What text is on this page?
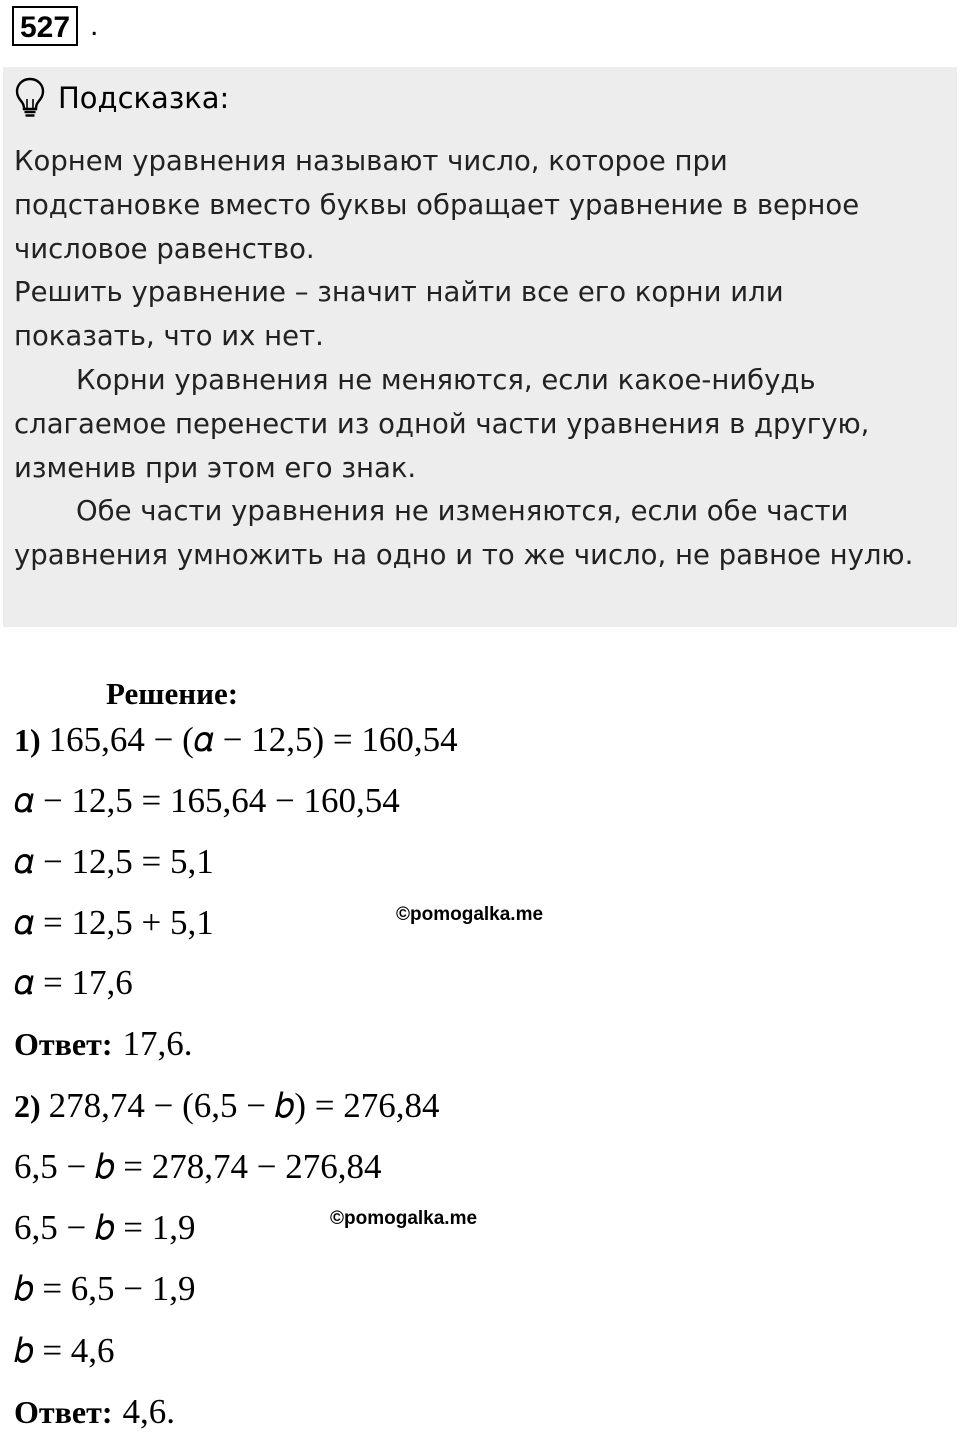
527 .
Подсказка:

Корнем уравнения называют число, которое при

подстановке вместо буквы обращает уравнение в верное

числовое равенство.

Решить уравнение – значит найти все его корни или

показать, что их нет.

Корни уравнения не меняются, если какое-нибудь

слагаемое перенести из одной части уравнения в другую,

изменив при этом его знак.

Обе части уравнения не изменяются, если обе части

уравнения умножить на одно и то же число, не равное нулю.

Решение:
1) 165,64 − (𝛼 − 12,5) = 160,54
𝛼 − 12,5 = 165,64 − 160,54
𝛼 − 12,5 = 5,1
𝛼 = 12,5 + 5,1
𝛼 = 17,6
Ответ: 17,6.
2) 278,74 − (6,5 − 𝑏) = 276,84
6,5 − 𝑏 = 278,74 − 276,84
6,5 − 𝑏 = 1,9
𝑏 = 6,5 − 1,9
𝑏 = 4,6
Ответ: 4,6.
©pomogalka.me
©pomogalka.me
